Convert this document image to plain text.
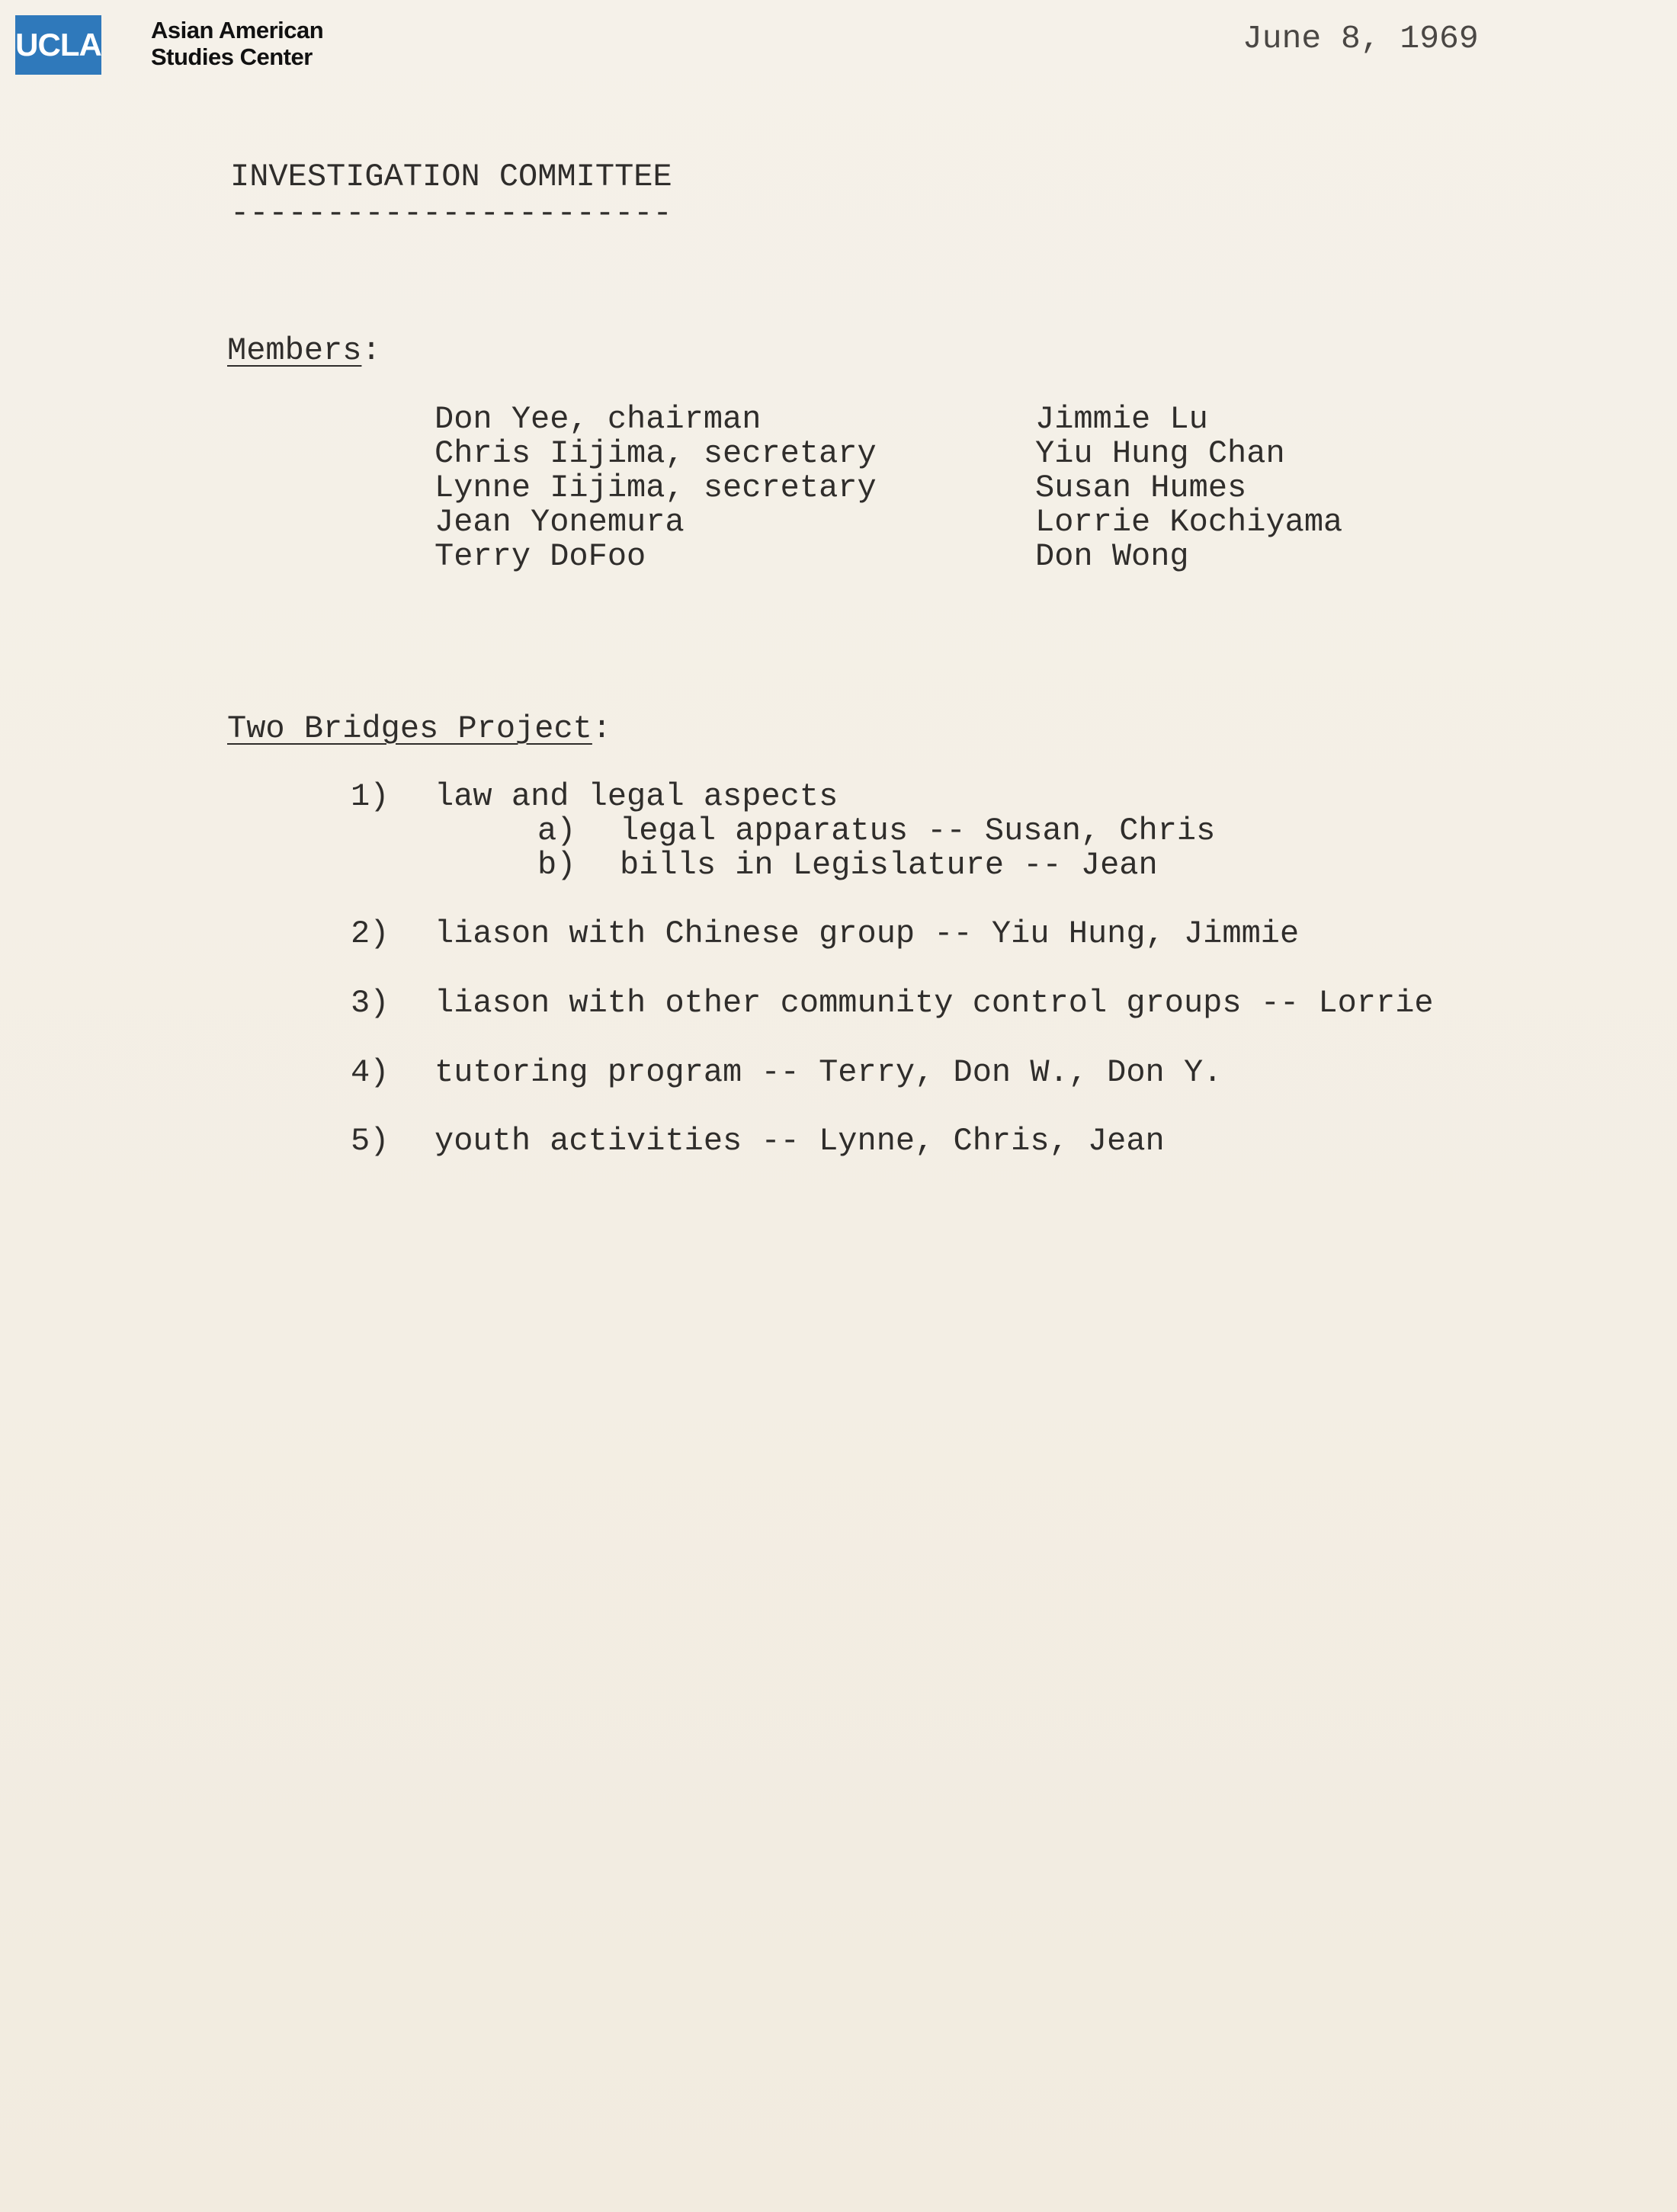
UCLA Asian American
Studies Center	June 8, 1969
INVESTIGATION COMMITTEE
-----------------------
Members:
Don Yee, chairman
Chris Iijima, secretary
Lynne Iijima, secretary
Jean Yonemura
Terry DoFoo
Jimmie Lu
Yiu Hung Chan
Susan Humes
Lorrie Kochiyama
Don Wong
Two Bridges Project:
1) law and legal aspects
a) legal apparatus -- Susan, Chris
b) bills in Legislature -- Jean
2) liason with Chinese group -- Yiu Hung, Jimmie
3) liason with other community control groups -- Lorrie
4) tutoring program -- Terry, Don W., Don Y.
5) youth activities -- Lynne, Chris, Jean
